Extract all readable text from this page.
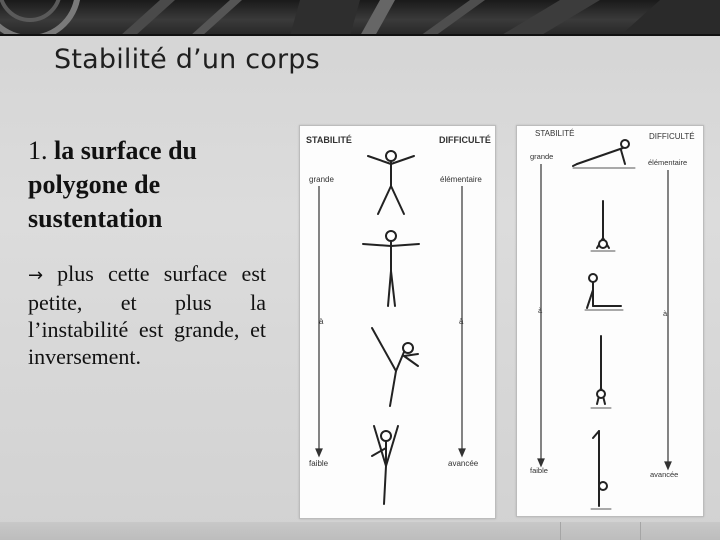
Stabilité d’un corps
1. la surface du polygone de sustentation
→ plus cette surface est petite, et plus la l’instabilité est grande, et inversement.
STABILITÉ	DIFFICULTÉ
grande	élémentaire
à	à
faible	avancée
STABILITÉ	DIFFICULTÉ
grande
élémentaire
à	à
faible	avancée
